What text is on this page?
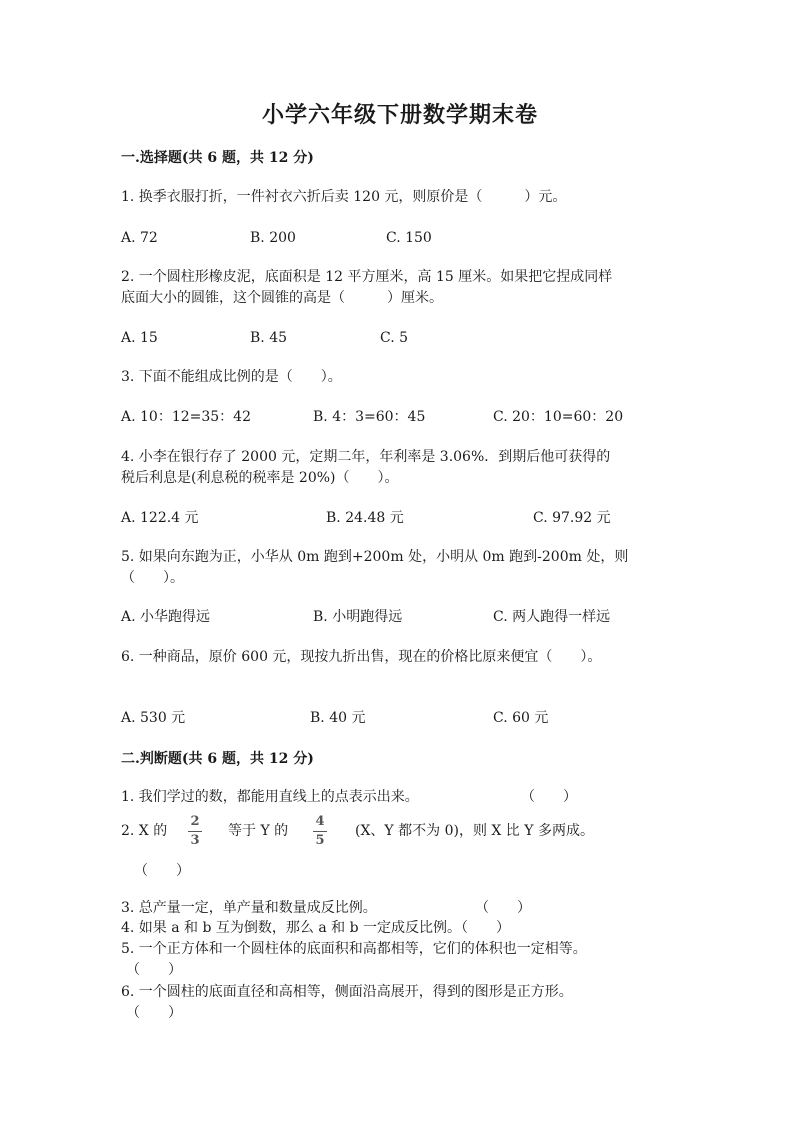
小学六年级下册数学期末卷
一.选择题(共 6 题，共 12 分)
1. 换季衣服打折，一件衬衣六折后卖 120 元，则原价是（　　　）元。
A. 72	B. 200	C. 150
2. 一个圆柱形橡皮泥，底面积是 12 平方厘米，高 15 厘米。如果把它捏成同样
底面大小的圆锥，这个圆锥的高是（　　　）厘米。
A. 15	B. 45	C. 5
3. 下面不能组成比例的是（　　）。
A. 10：12=35：42	B. 4：3=60：45	C. 20：10=60：20
4. 小李在银行存了 2000 元，定期二年，年利率是 3.06%．到期后他可获得的
税后利息是(利息税的税率是 20%)（　　）。
A. 122.4 元	B. 24.48 元	C. 97.92 元
5. 如果向东跑为正，小华从 0m 跑到+200m 处，小明从 0m 跑到-200m 处，则
（　　）。
A. 小华跑得远	B. 小明跑得远	C. 两人跑得一样远
6. 一种商品，原价 600 元，现按九折出售，现在的价格比原来便宜（　　）。
A. 530 元	B. 40 元	C. 60 元
二.判断题(共 6 题，共 12 分)
1. 我们学过的数，都能用直线上的点表示出来。	（　　）
2. X 的
2
3
等于 Y 的
4
5
(X、Y 都不为 0)，则 X 比 Y 多两成。
（　　）
3. 总产量一定，单产量和数量成反比例。	（　　）
4. 如果 a 和 b 互为倒数，那么 a 和 b 一定成反比例。（　　）
5. 一个正方体和一个圆柱体的底面积和高都相等，它们的体积也一定相等。
（　　）
6. 一个圆柱的底面直径和高相等，侧面沿高展开，得到的图形是正方形。
（　　）
